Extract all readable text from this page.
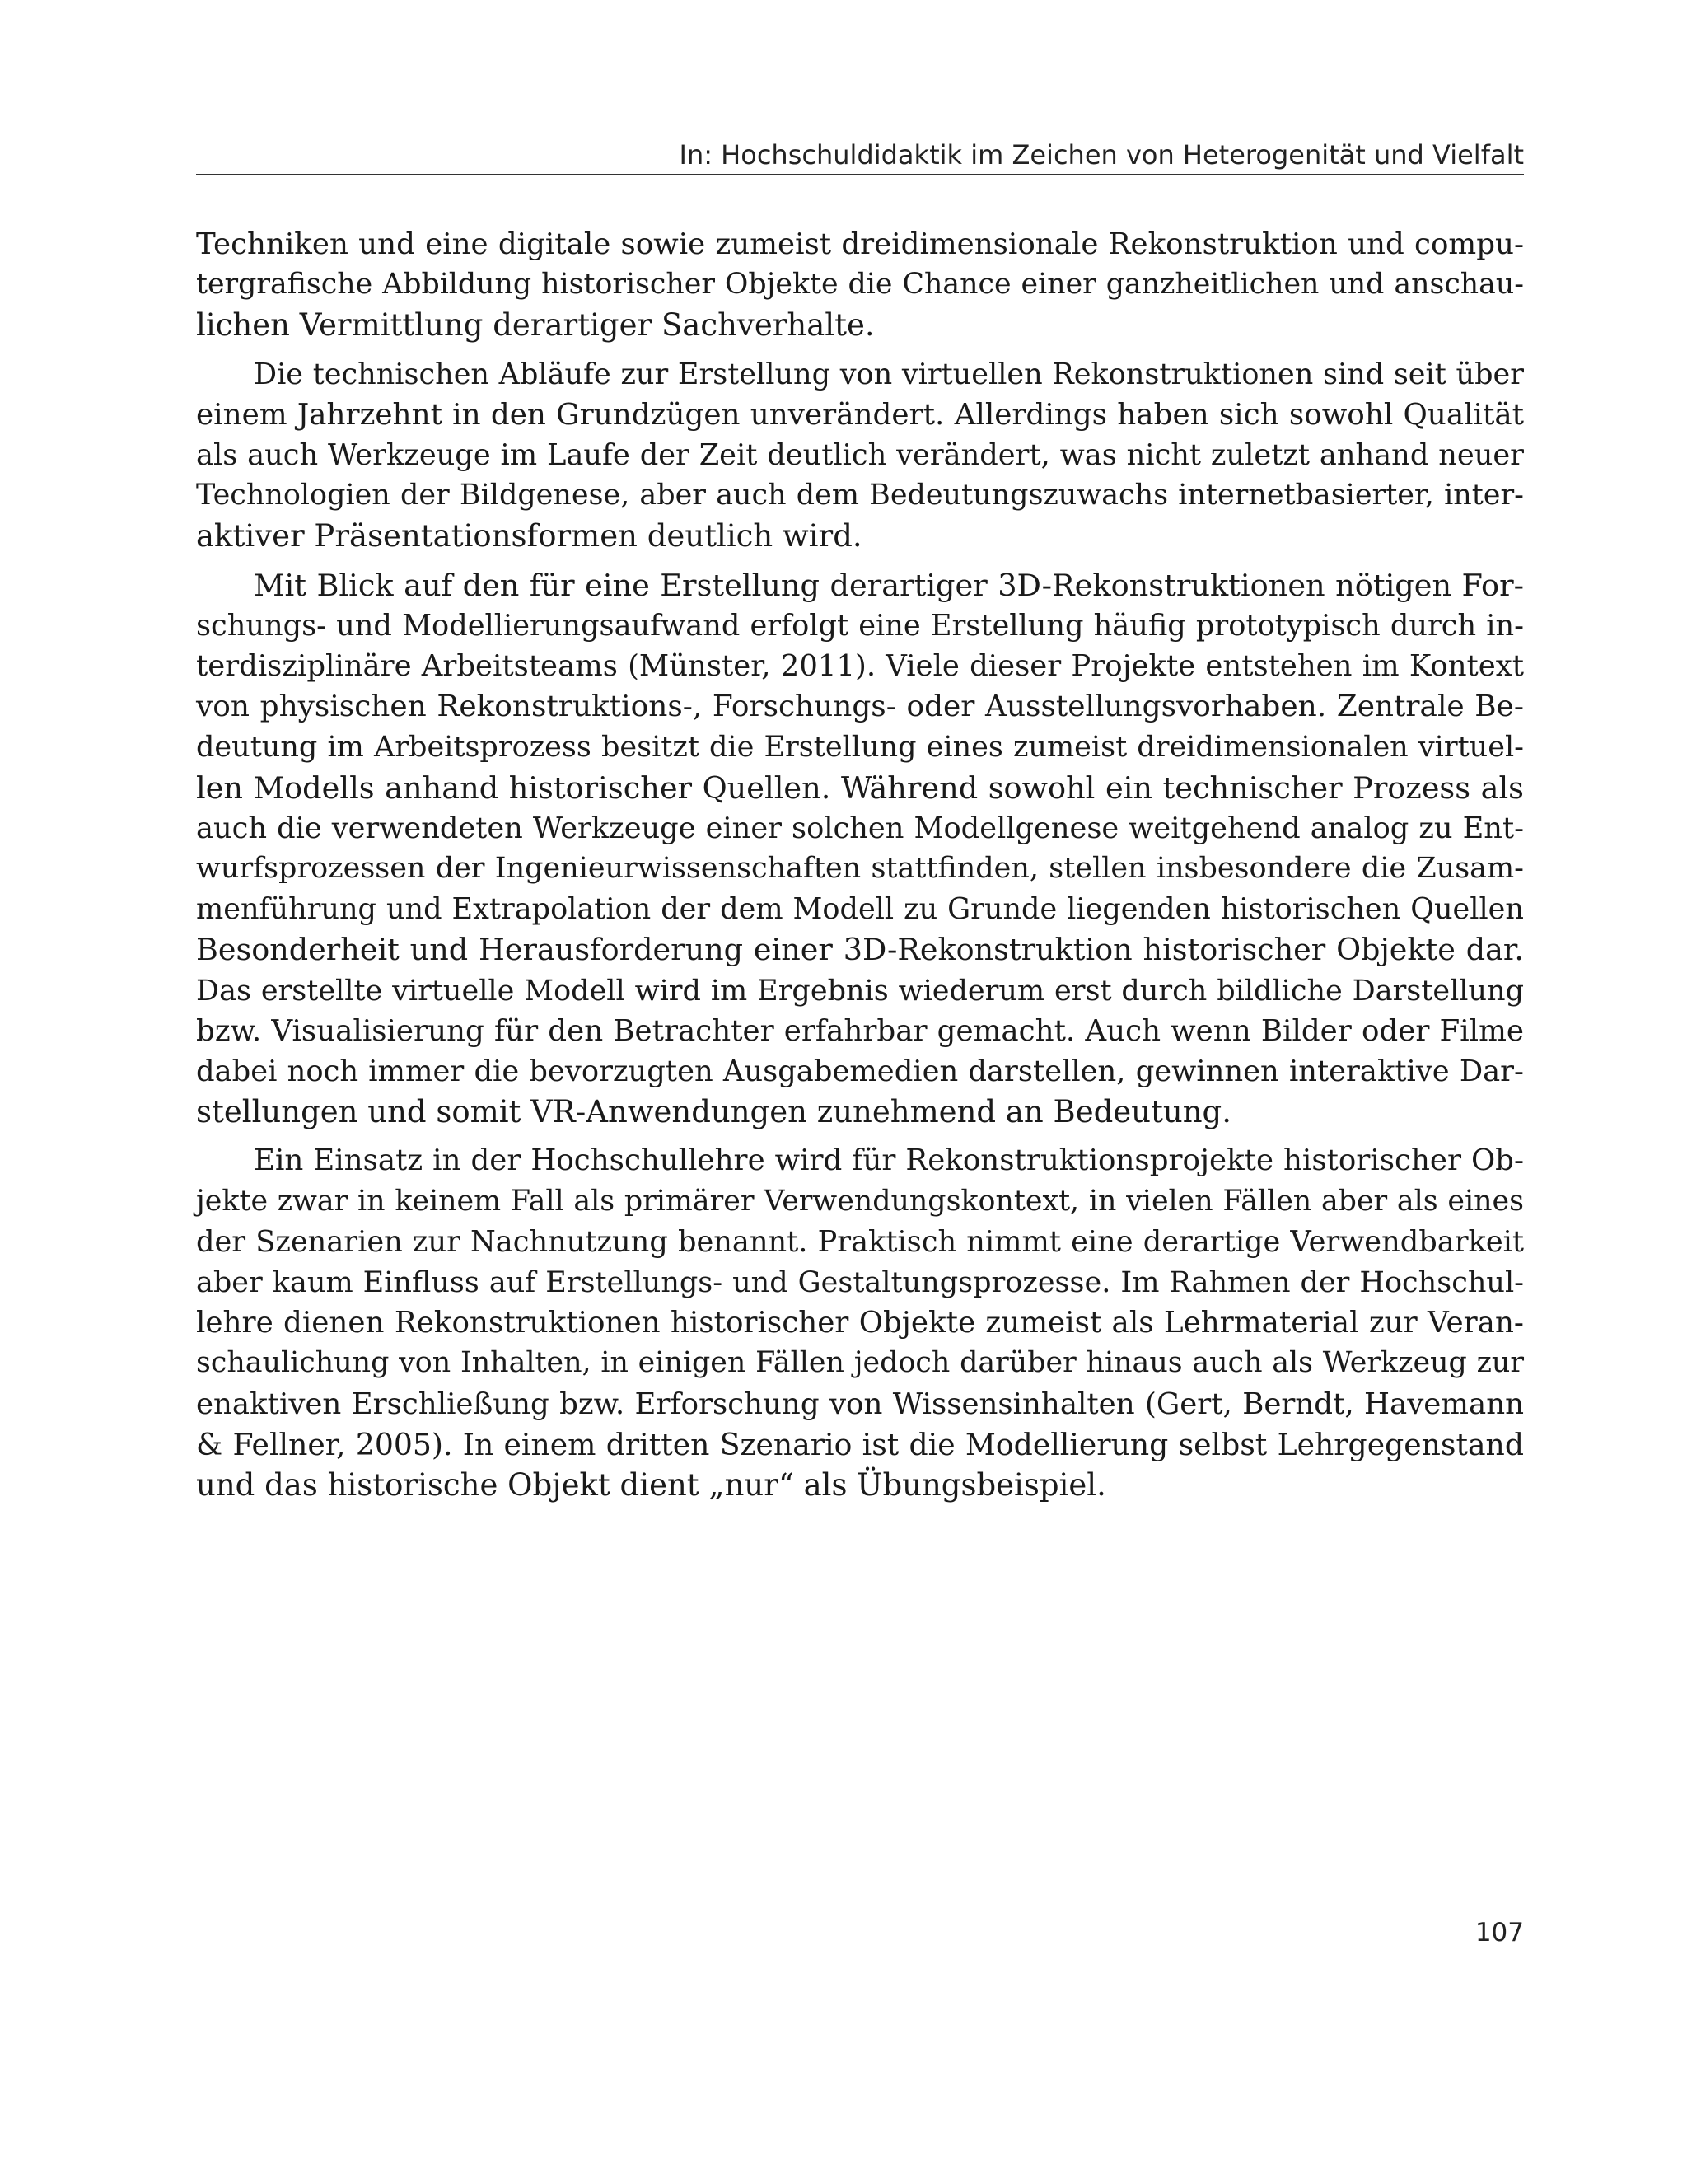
In: Hochschuldidaktik im Zeichen von Heterogenität und Vielfalt
Techniken und eine digitale sowie zumeist dreidimensionale Rekonstruktion und compu-
tergrafische Abbildung historischer Objekte die Chance einer ganzheitlichen und anschau-
lichen Vermittlung derartiger Sachverhalte.
Die technischen Abläufe zur Erstellung von virtuellen Rekonstruktionen sind seit über
einem Jahrzehnt in den Grundzügen unverändert. Allerdings haben sich sowohl Qualität
als auch Werkzeuge im Laufe der Zeit deutlich verändert, was nicht zuletzt anhand neuer
Technologien der Bildgenese, aber auch dem Bedeutungszuwachs internetbasierter, inter-
aktiver Präsentationsformen deutlich wird.
Mit Blick auf den für eine Erstellung derartiger 3D-Rekonstruktionen nötigen For-
schungs- und Modellierungsaufwand erfolgt eine Erstellung häufig prototypisch durch in-
terdisziplinäre Arbeitsteams (Münster, 2011). Viele dieser Projekte entstehen im Kontext
von physischen Rekonstruktions-, Forschungs- oder Ausstellungsvorhaben. Zentrale Be-
deutung im Arbeitsprozess besitzt die Erstellung eines zumeist dreidimensionalen virtuel-
len Modells anhand historischer Quellen. Während sowohl ein technischer Prozess als
auch die verwendeten Werkzeuge einer solchen Modellgenese weitgehend analog zu Ent-
wurfsprozessen der Ingenieurwissenschaften stattfinden, stellen insbesondere die Zusam-
menführung und Extrapolation der dem Modell zu Grunde liegenden historischen Quellen
Besonderheit und Herausforderung einer 3D-Rekonstruktion historischer Objekte dar.
Das erstellte virtuelle Modell wird im Ergebnis wiederum erst durch bildliche Darstellung
bzw. Visualisierung für den Betrachter erfahrbar gemacht. Auch wenn Bilder oder Filme
dabei noch immer die bevorzugten Ausgabemedien darstellen, gewinnen interaktive Dar-
stellungen und somit VR-Anwendungen zunehmend an Bedeutung.
Ein Einsatz in der Hochschullehre wird für Rekonstruktionsprojekte historischer Ob-
jekte zwar in keinem Fall als primärer Verwendungskontext, in vielen Fällen aber als eines
der Szenarien zur Nachnutzung benannt. Praktisch nimmt eine derartige Verwendbarkeit
aber kaum Einfluss auf Erstellungs- und Gestaltungsprozesse. Im Rahmen der Hochschul-
lehre dienen Rekonstruktionen historischer Objekte zumeist als Lehrmaterial zur Veran-
schaulichung von Inhalten, in einigen Fällen jedoch darüber hinaus auch als Werkzeug zur
enaktiven Erschließung bzw. Erforschung von Wissensinhalten (Gert, Berndt, Havemann
& Fellner, 2005). In einem dritten Szenario ist die Modellierung selbst Lehrgegenstand
und das historische Objekt dient „nur“ als Übungsbeispiel.
107
